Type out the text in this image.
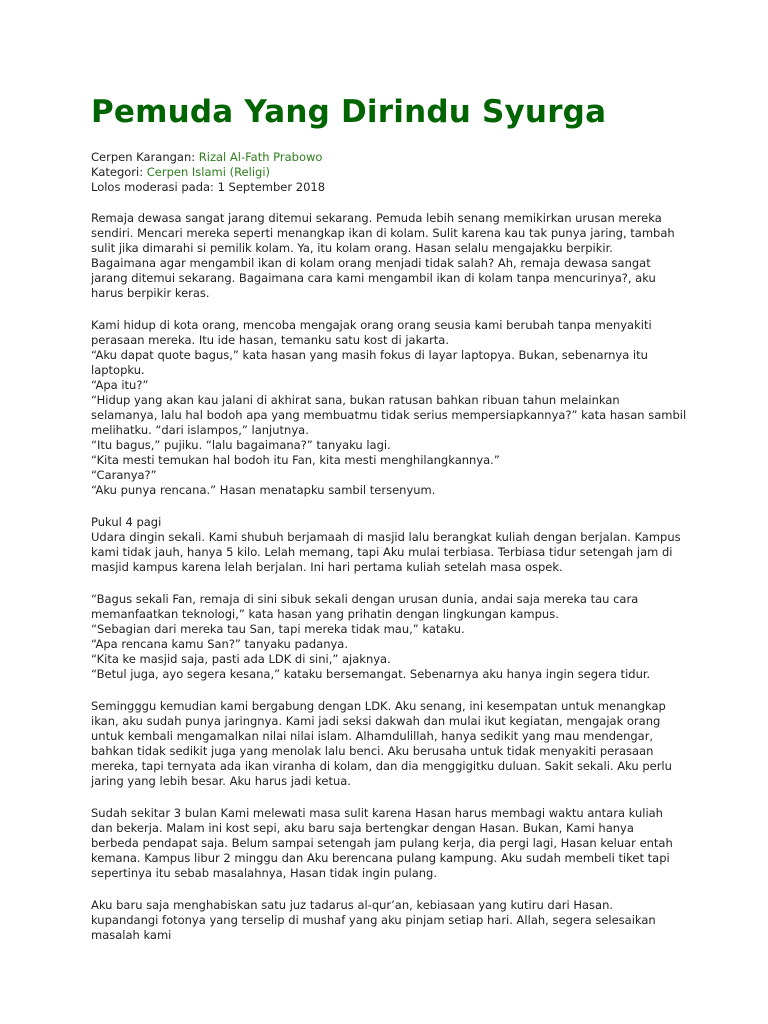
Pemuda Yang Dirindu Syurga
Cerpen Karangan: Rizal Al-Fath Prabowo
Kategori: Cerpen Islami (Religi)
Lolos moderasi pada: 1 September 2018

Remaja dewasa sangat jarang ditemui sekarang. Pemuda lebih senang memikirkan urusan mereka
sendiri. Mencari mereka seperti menangkap ikan di kolam. Sulit karena kau tak punya jaring, tambah
sulit jika dimarahi si pemilik kolam. Ya, itu kolam orang. Hasan selalu mengajakku berpikir.
Bagaimana agar mengambil ikan di kolam orang menjadi tidak salah? Ah, remaja dewasa sangat
jarang ditemui sekarang. Bagaimana cara kami mengambil ikan di kolam tanpa mencurinya?, aku
harus berpikir keras.

Kami hidup di kota orang, mencoba mengajak orang orang seusia kami berubah tanpa menyakiti
perasaan mereka. Itu ide hasan, temanku satu kost di jakarta.
“Aku dapat quote bagus,” kata hasan yang masih fokus di layar laptopya. Bukan, sebenarnya itu
laptopku.
“Apa itu?”
“Hidup yang akan kau jalani di akhirat sana, bukan ratusan bahkan ribuan tahun melainkan
selamanya, lalu hal bodoh apa yang membuatmu tidak serius mempersiapkannya?” kata hasan sambil
melihatku. “dari islampos,” lanjutnya.
“Itu bagus,” pujiku. “lalu bagaimana?” tanyaku lagi.
“Kita mesti temukan hal bodoh itu Fan, kita mesti menghilangkannya.”
“Caranya?”
“Aku punya rencana.” Hasan menatapku sambil tersenyum.

Pukul 4 pagi
Udara dingin sekali. Kami shubuh berjamaah di masjid lalu berangkat kuliah dengan berjalan. Kampus
kami tidak jauh, hanya 5 kilo. Lelah memang, tapi Aku mulai terbiasa. Terbiasa tidur setengah jam di
masjid kampus karena lelah berjalan. Ini hari pertama kuliah setelah masa ospek.

“Bagus sekali Fan, remaja di sini sibuk sekali dengan urusan dunia, andai saja mereka tau cara
memanfaatkan teknologi,” kata hasan yang prihatin dengan lingkungan kampus.
“Sebagian dari mereka tau San, tapi mereka tidak mau,” kataku.
“Apa rencana kamu San?” tanyaku padanya.
“Kita ke masjid saja, pasti ada LDK di sini,” ajaknya.
“Betul juga, ayo segera kesana,” kataku bersemangat. Sebenarnya aku hanya ingin segera tidur.

Semingggu kemudian kami bergabung dengan LDK. Aku senang, ini kesempatan untuk menangkap
ikan, aku sudah punya jaringnya. Kami jadi seksi dakwah dan mulai ikut kegiatan, mengajak orang
untuk kembali mengamalkan nilai nilai islam. Alhamdulillah, hanya sedikit yang mau mendengar,
bahkan tidak sedikit juga yang menolak lalu benci. Aku berusaha untuk tidak menyakiti perasaan
mereka, tapi ternyata ada ikan viranha di kolam, dan dia menggigitku duluan. Sakit sekali. Aku perlu
jaring yang lebih besar. Aku harus jadi ketua.

Sudah sekitar 3 bulan Kami melewati masa sulit karena Hasan harus membagi waktu antara kuliah
dan bekerja. Malam ini kost sepi, aku baru saja bertengkar dengan Hasan. Bukan, Kami hanya
berbeda pendapat saja. Belum sampai setengah jam pulang kerja, dia pergi lagi, Hasan keluar entah
kemana. Kampus libur 2 minggu dan Aku berencana pulang kampung. Aku sudah membeli tiket tapi
sepertinya itu sebab masalahnya, Hasan tidak ingin pulang.

Aku baru saja menghabiskan satu juz tadarus al-qur’an, kebiasaan yang kutiru dari Hasan.
kupandangi fotonya yang terselip di mushaf yang aku pinjam setiap hari. Allah, segera selesaikan
masalah kami
